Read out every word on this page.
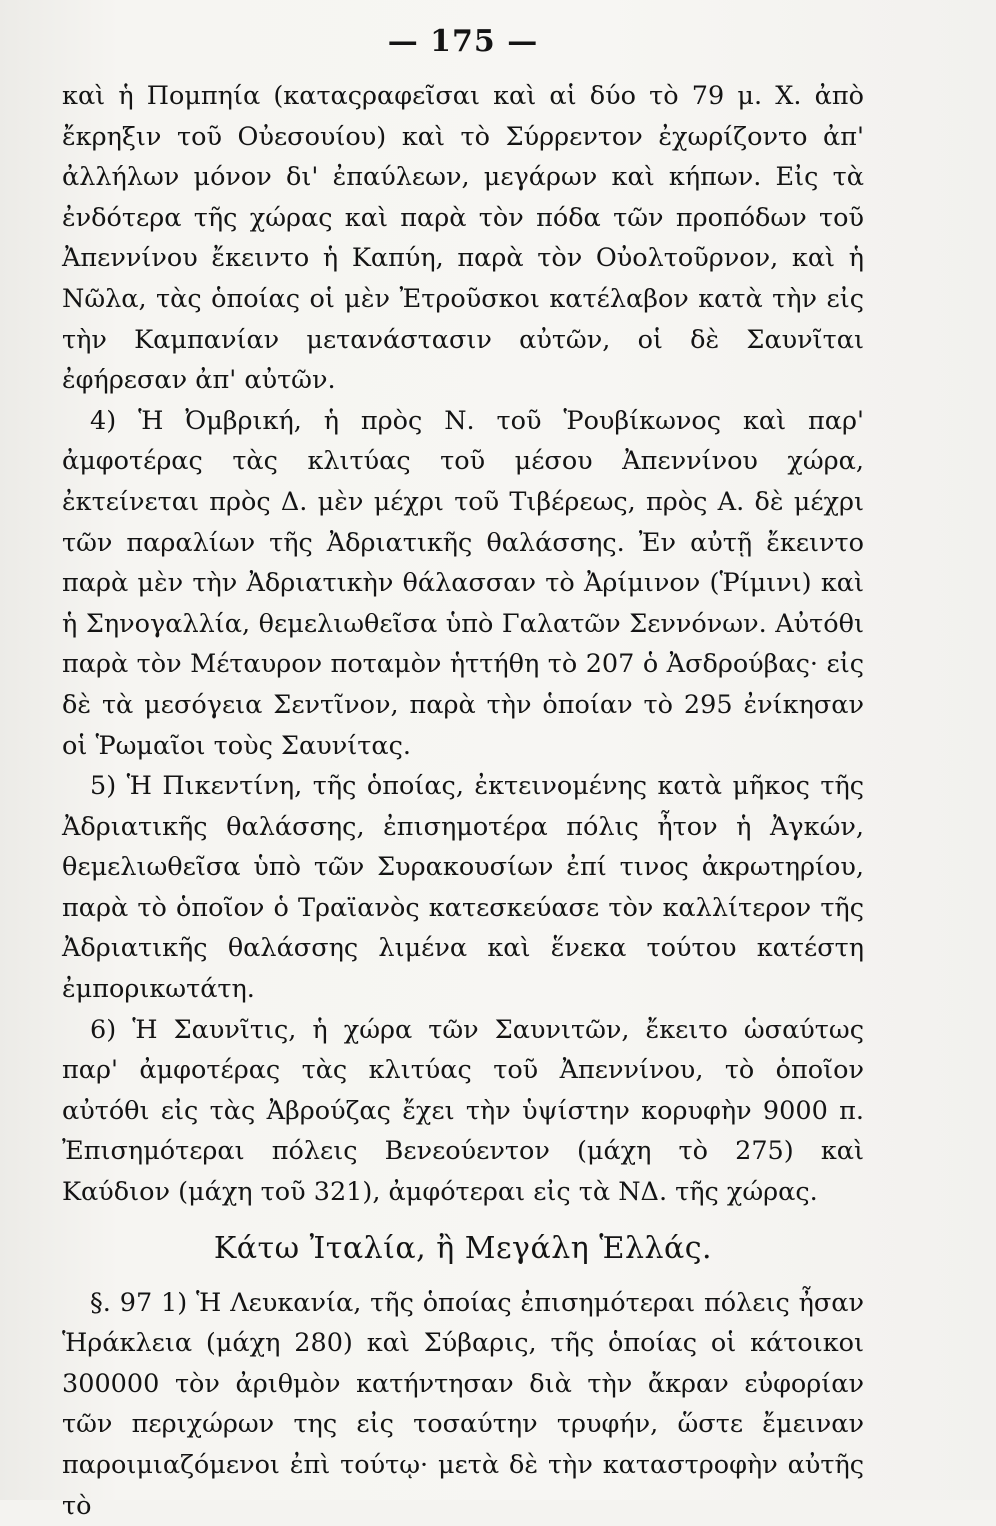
— 175 —

καὶ ἡ Πομπηία (καταςραφεῖσαι καὶ αἱ δύο τὸ 79 μ. Χ. ἀπὸ ἔκρηξιν τοῦ Οὐεσουίου) καὶ τὸ Σύρρεντον ἐχωρίζοντο ἀπ' ἀλλήλων μόνον δι' ἐπαύλεων, μεγάρων καὶ κήπων. Εἰς τὰ ἐνδότερα τῆς χώρας καὶ παρὰ τὸν πόδα τῶν προπόδων τοῦ Ἀπεννίνου ἔκειντο ἡ Καπύη, παρὰ τὸν Οὐολτοῦρνον, καὶ ἡ Νῶλα, τὰς ὁποίας οἱ μὲν Ἐτροῦσκοι κατέλαβον κατὰ τὴν εἰς τὴν Καμπανίαν μετανάστασιν αὐτῶν, οἱ δὲ Σαυνῖται ἐφήρεσαν ἀπ' αὐτῶν.

4) Ἡ Ὀμβρική, ἡ πρὸς Ν. τοῦ Ῥουβίκωνος καὶ παρ' ἀμφοτέρας τὰς κλιτύας τοῦ μέσου Ἀπεννίνου χώρα, ἐκτείνεται πρὸς Δ. μὲν μέχρι τοῦ Τιβέρεως, πρὸς Α. δὲ μέχρι τῶν παραλίων τῆς Ἀδριατικῆς θαλάσσης. Ἐν αὐτῇ ἔκειντο παρὰ μὲν τὴν Ἀδριατικὴν θάλασσαν τὸ Ἀρίμινον (Ῥίμινι) καὶ ἡ Σηνογαλλία, θεμελιωθεῖσα ὑπὸ Γαλατῶν Σεννόνων. Αὐτόθι παρὰ τὸν Μέταυρον ποταμὸν ἡττήθη τὸ 207 ὁ Ἀσδρούβας· εἰς δὲ τὰ μεσόγεια Σεντῖνον, παρὰ τὴν ὁποίαν τὸ 295 ἐνίκησαν οἱ Ῥωμαῖοι τοὺς Σαυνίτας.

5) Ἡ Πικεντίνη, τῆς ὁποίας, ἐκτεινομένης κατὰ μῆκος τῆς Ἀδριατικῆς θαλάσσης, ἐπισημοτέρα πόλις ἦτον ἡ Ἀγκών, θεμελιωθεῖσα ὑπὸ τῶν Συρακουσίων ἐπί τινος ἀκρωτηρίου, παρὰ τὸ ὁποῖον ὁ Τραϊανὸς κατεσκεύασε τὸν καλλίτερον τῆς Ἀδριατικῆς θαλάσσης λιμένα καὶ ἕνεκα τούτου κατέστη ἐμπορικωτάτη.

6) Ἡ Σαυνῖτις, ἡ χώρα τῶν Σαυνιτῶν, ἔκειτο ὡσαύτως παρ' ἀμφοτέρας τὰς κλιτύας τοῦ Ἀπεννίνου, τὸ ὁποῖον αὐτόθι εἰς τὰς Ἀβρούζας ἔχει τὴν ὑψίστην κορυφὴν 9000 π. Ἐπισημότεραι πόλεις Βενεούεντον (μάχη τὸ 275) καὶ Καύδιον (μάχη τοῦ 321), ἀμφότεραι εἰς τὰ ΝΔ. τῆς χώρας.

Κάτω Ἰταλία, ἢ Μεγάλη Ἑλλάς.

§. 97 1) Ἡ Λευκανία, τῆς ὁποίας ἐπισημότεραι πόλεις ἦσαν Ἡράκλεια (μάχη 280) καὶ Σύβαρις, τῆς ὁποίας οἱ κάτοικοι 300000 τὸν ἀριθμὸν κατήντησαν διὰ τὴν ἄκραν εὐφορίαν τῶν περιχώρων της εἰς τοσαύτην τρυφήν, ὥστε ἔμειναν παροιμιαζόμενοι ἐπὶ τούτῳ· μετὰ δὲ τὴν καταστροφὴν αὐτῆς τὸ
